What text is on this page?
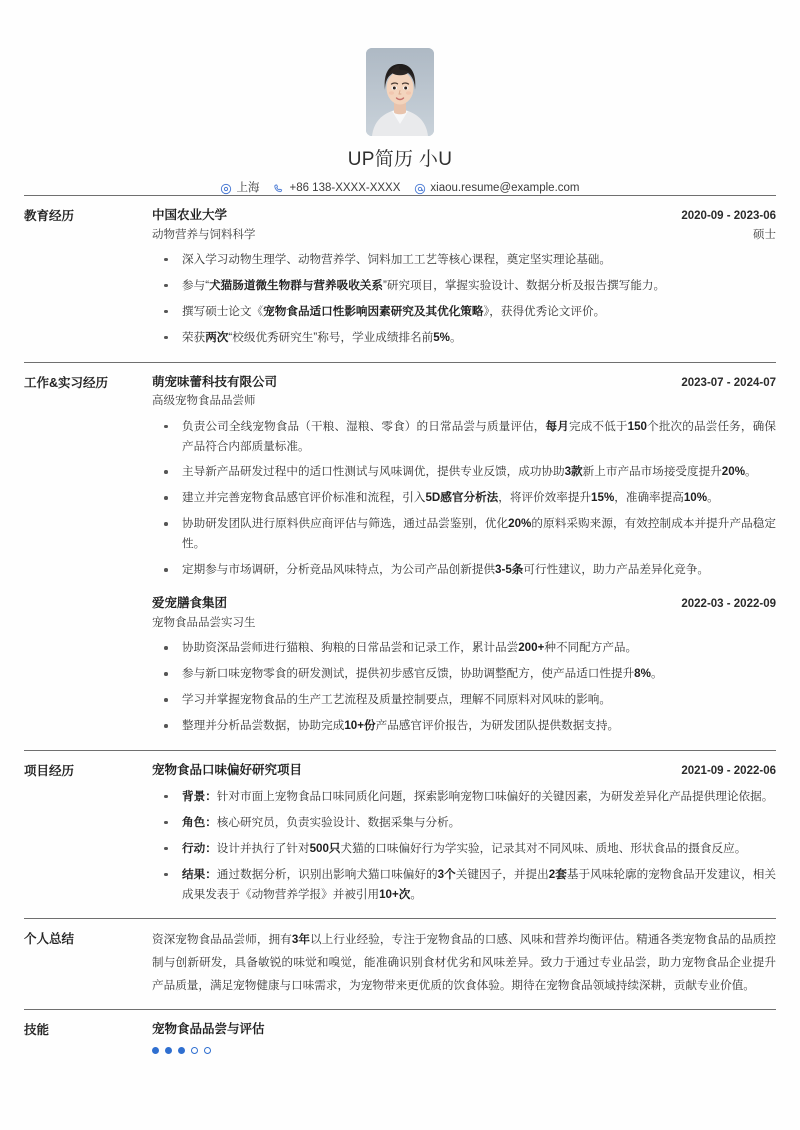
UP简历 小U
上海	+86 138-XXXX-XXXX	xiaou.resume@example.com
教育经历	中国农业大学	2020-09 - 2023-06
动物营养与饲料科学	硕士
深入学习动物生理学、动物营养学、饲料加工工艺等核心课程，奠定坚实理论基础。
参与“犬猫肠道微生物群与营养吸收关系”研究项目，掌握实验设计、数据分析及报告撰写能力。
撰写硕士论文《宠物食品适口性影响因素研究及其优化策略》，获得优秀论文评价。
荣获两次“校级优秀研究生”称号，学业成绩排名前5%。
工作&实习经历	萌宠味蕾科技有限公司	2023-07 - 2024-07
高级宠物食品品尝师
负责公司全线宠物食品（干粮、湿粮、零食）的日常品尝与质量评估，每月完成不低于150个批次的品尝任务，确保产品符合内部质量标准。
主导新产品研发过程中的适口性测试与风味调优，提供专业反馈，成功协助3款新上市产品市场接受度提升20%。
建立并完善宠物食品感官评价标准和流程，引入5D感官分析法，将评价效率提升15%，准确率提高10%。
协助研发团队进行原料供应商评估与筛选，通过品尝鉴别，优化20%的原料采购来源，有效控制成本并提升产品稳定性。
定期参与市场调研，分析竞品风味特点，为公司产品创新提供3-5条可行性建议，助力产品差异化竞争。
爱宠膳食集团	2022-03 - 2022-09
宠物食品品尝实习生
协助资深品尝师进行猫粮、狗粮的日常品尝和记录工作，累计品尝200+种不同配方产品。
参与新口味宠物零食的研发测试，提供初步感官反馈，协助调整配方，使产品适口性提升8%。
学习并掌握宠物食品的生产工艺流程及质量控制要点，理解不同原料对风味的影响。
整理并分析品尝数据，协助完成10+份产品感官评价报告，为研发团队提供数据支持。
项目经历	宠物食品口味偏好研究项目	2021-09 - 2022-06
背景：针对市面上宠物食品口味同质化问题，探索影响宠物口味偏好的关键因素，为研发差异化产品提供理论依据。
角色：核心研究员，负责实验设计、数据采集与分析。
行动：设计并执行了针对500只犬猫的口味偏好行为学实验，记录其对不同风味、质地、形状食品的摄食反应。
结果：通过数据分析，识别出影响犬猫口味偏好的3个关键因子，并提出2套基于风味轮廓的宠物食品开发建议，相关成果发表于《动物营养学报》并被引用10+次。
个人总结	资深宠物食品品尝师，拥有3年以上行业经验，专注于宠物食品的口感、风味和营养均衡评估。精通各类宠物食品的品质控制与创新研发，具备敏锐的味觉和嗅觉，能准确识别食材优劣和风味差异。致力于通过专业品尝，助力宠物食品企业提升产品质量，满足宠物健康与口味需求，为宠物带来更优质的饮食体验。期待在宠物食品领域持续深耕，贡献专业价值。
技能	宠物食品品尝与评估
